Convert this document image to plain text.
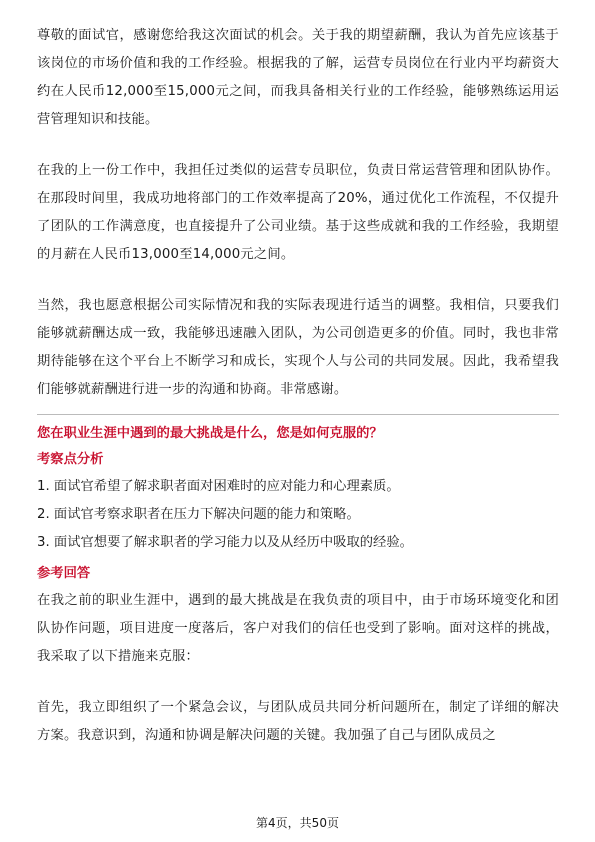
尊敬的面试官，感谢您给我这次面试的机会。关于我的期望薪酬，我认为首先应该基于该岗位的市场价值和我的工作经验。根据我的了解，运营专员岗位在行业内平均薪资大约在人民币12,000至15,000元之间，而我具备相关行业的工作经验，能够熟练运用运营管理知识和技能。

在我的上一份工作中，我担任过类似的运营专员职位，负责日常运营管理和团队协作。在那段时间里，我成功地将部门的工作效率提高了20%，通过优化工作流程，不仅提升了团队的工作满意度，也直接提升了公司业绩。基于这些成就和我的工作经验，我期望的月薪在人民币13,000至14,000元之间。

当然，我也愿意根据公司实际情况和我的实际表现进行适当的调整。我相信，只要我们能够就薪酬达成一致，我能够迅速融入团队，为公司创造更多的价值。同时，我也非常期待能够在这个平台上不断学习和成长，实现个人与公司的共同发展。因此，我希望我们能够就薪酬进行进一步的沟通和协商。非常感谢。

您在职业生涯中遇到的最大挑战是什么，您是如何克服的？

考察点分析

1. 面试官希望了解求职者面对困难时的应对能力和心理素质。
2. 面试官考察求职者在压力下解决问题的能力和策略。
3. 面试官想要了解求职者的学习能力以及从经历中吸取的经验。

参考回答

在我之前的职业生涯中，遇到的最大挑战是在我负责的项目中，由于市场环境变化和团队协作问题，项目进度一度落后，客户对我们的信任也受到了影响。面对这样的挑战，我采取了以下措施来克服：

首先，我立即组织了一个紧急会议，与团队成员共同分析问题所在，制定了详细的解决方案。我意识到，沟通和协调是解决问题的关键。我加强了自己与团队成员之

第4页，共50页
